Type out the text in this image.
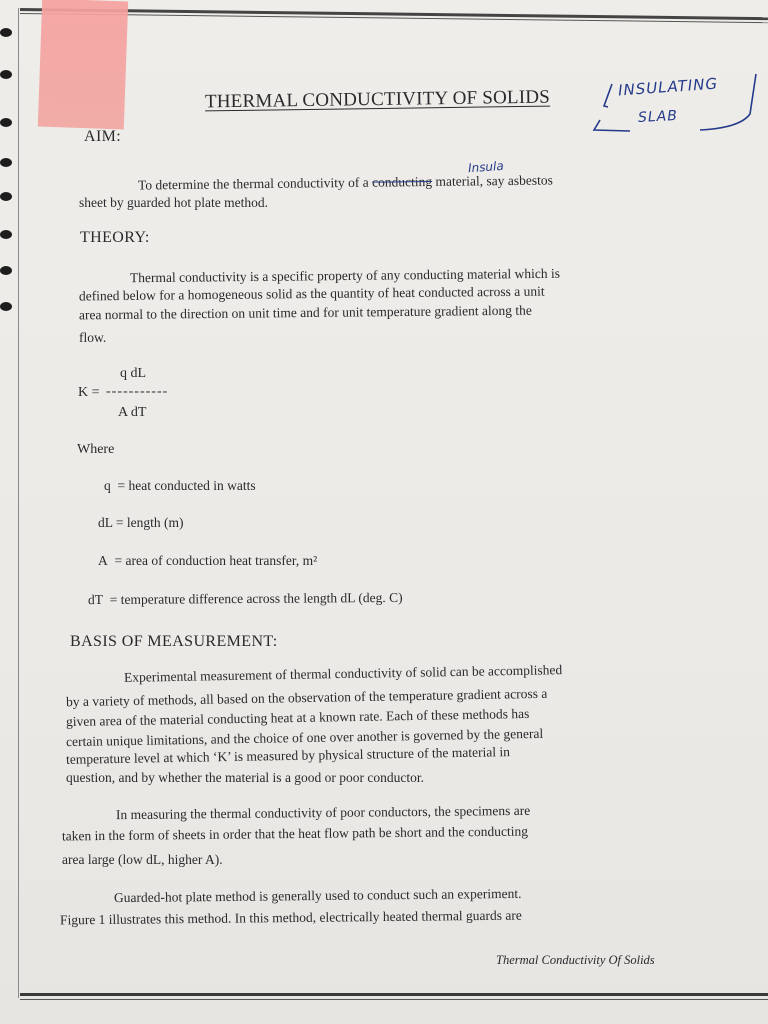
THERMAL CONDUCTIVITY OF SOLIDS	INSULATING
SLAB
AIM:
Insula
To determine the thermal conductivity of a conducting material, say asbestos
sheet by guarded hot plate method.
THEORY:
Thermal conductivity is a specific property of any conducting material which is
defined below for a homogeneous solid as the quantity of heat conducted across a unit
area normal to the direction on unit time and for unit temperature gradient along the
flow.
q dL
K = -----------
A dT
Where
q = heat conducted in watts
dL = length (m)
A = area of conduction heat transfer, m²
dT = temperature difference across the length dL (deg. C)
BASIS OF MEASUREMENT:
Experimental measurement of thermal conductivity of solid can be accomplished
by a variety of methods, all based on the observation of the temperature gradient across a
given area of the material conducting heat at a known rate. Each of these methods has
certain unique limitations, and the choice of one over another is governed by the general
temperature level at which ‘K’ is measured by physical structure of the material in
question, and by whether the material is a good or poor conductor.
In measuring the thermal conductivity of poor conductors, the specimens are
taken in the form of sheets in order that the heat flow path be short and the conducting
area large (low dL, higher A).
Guarded-hot plate method is generally used to conduct such an experiment.
Figure 1 illustrates this method. In this method, electrically heated thermal guards are
Thermal Conductivity Of Solids
